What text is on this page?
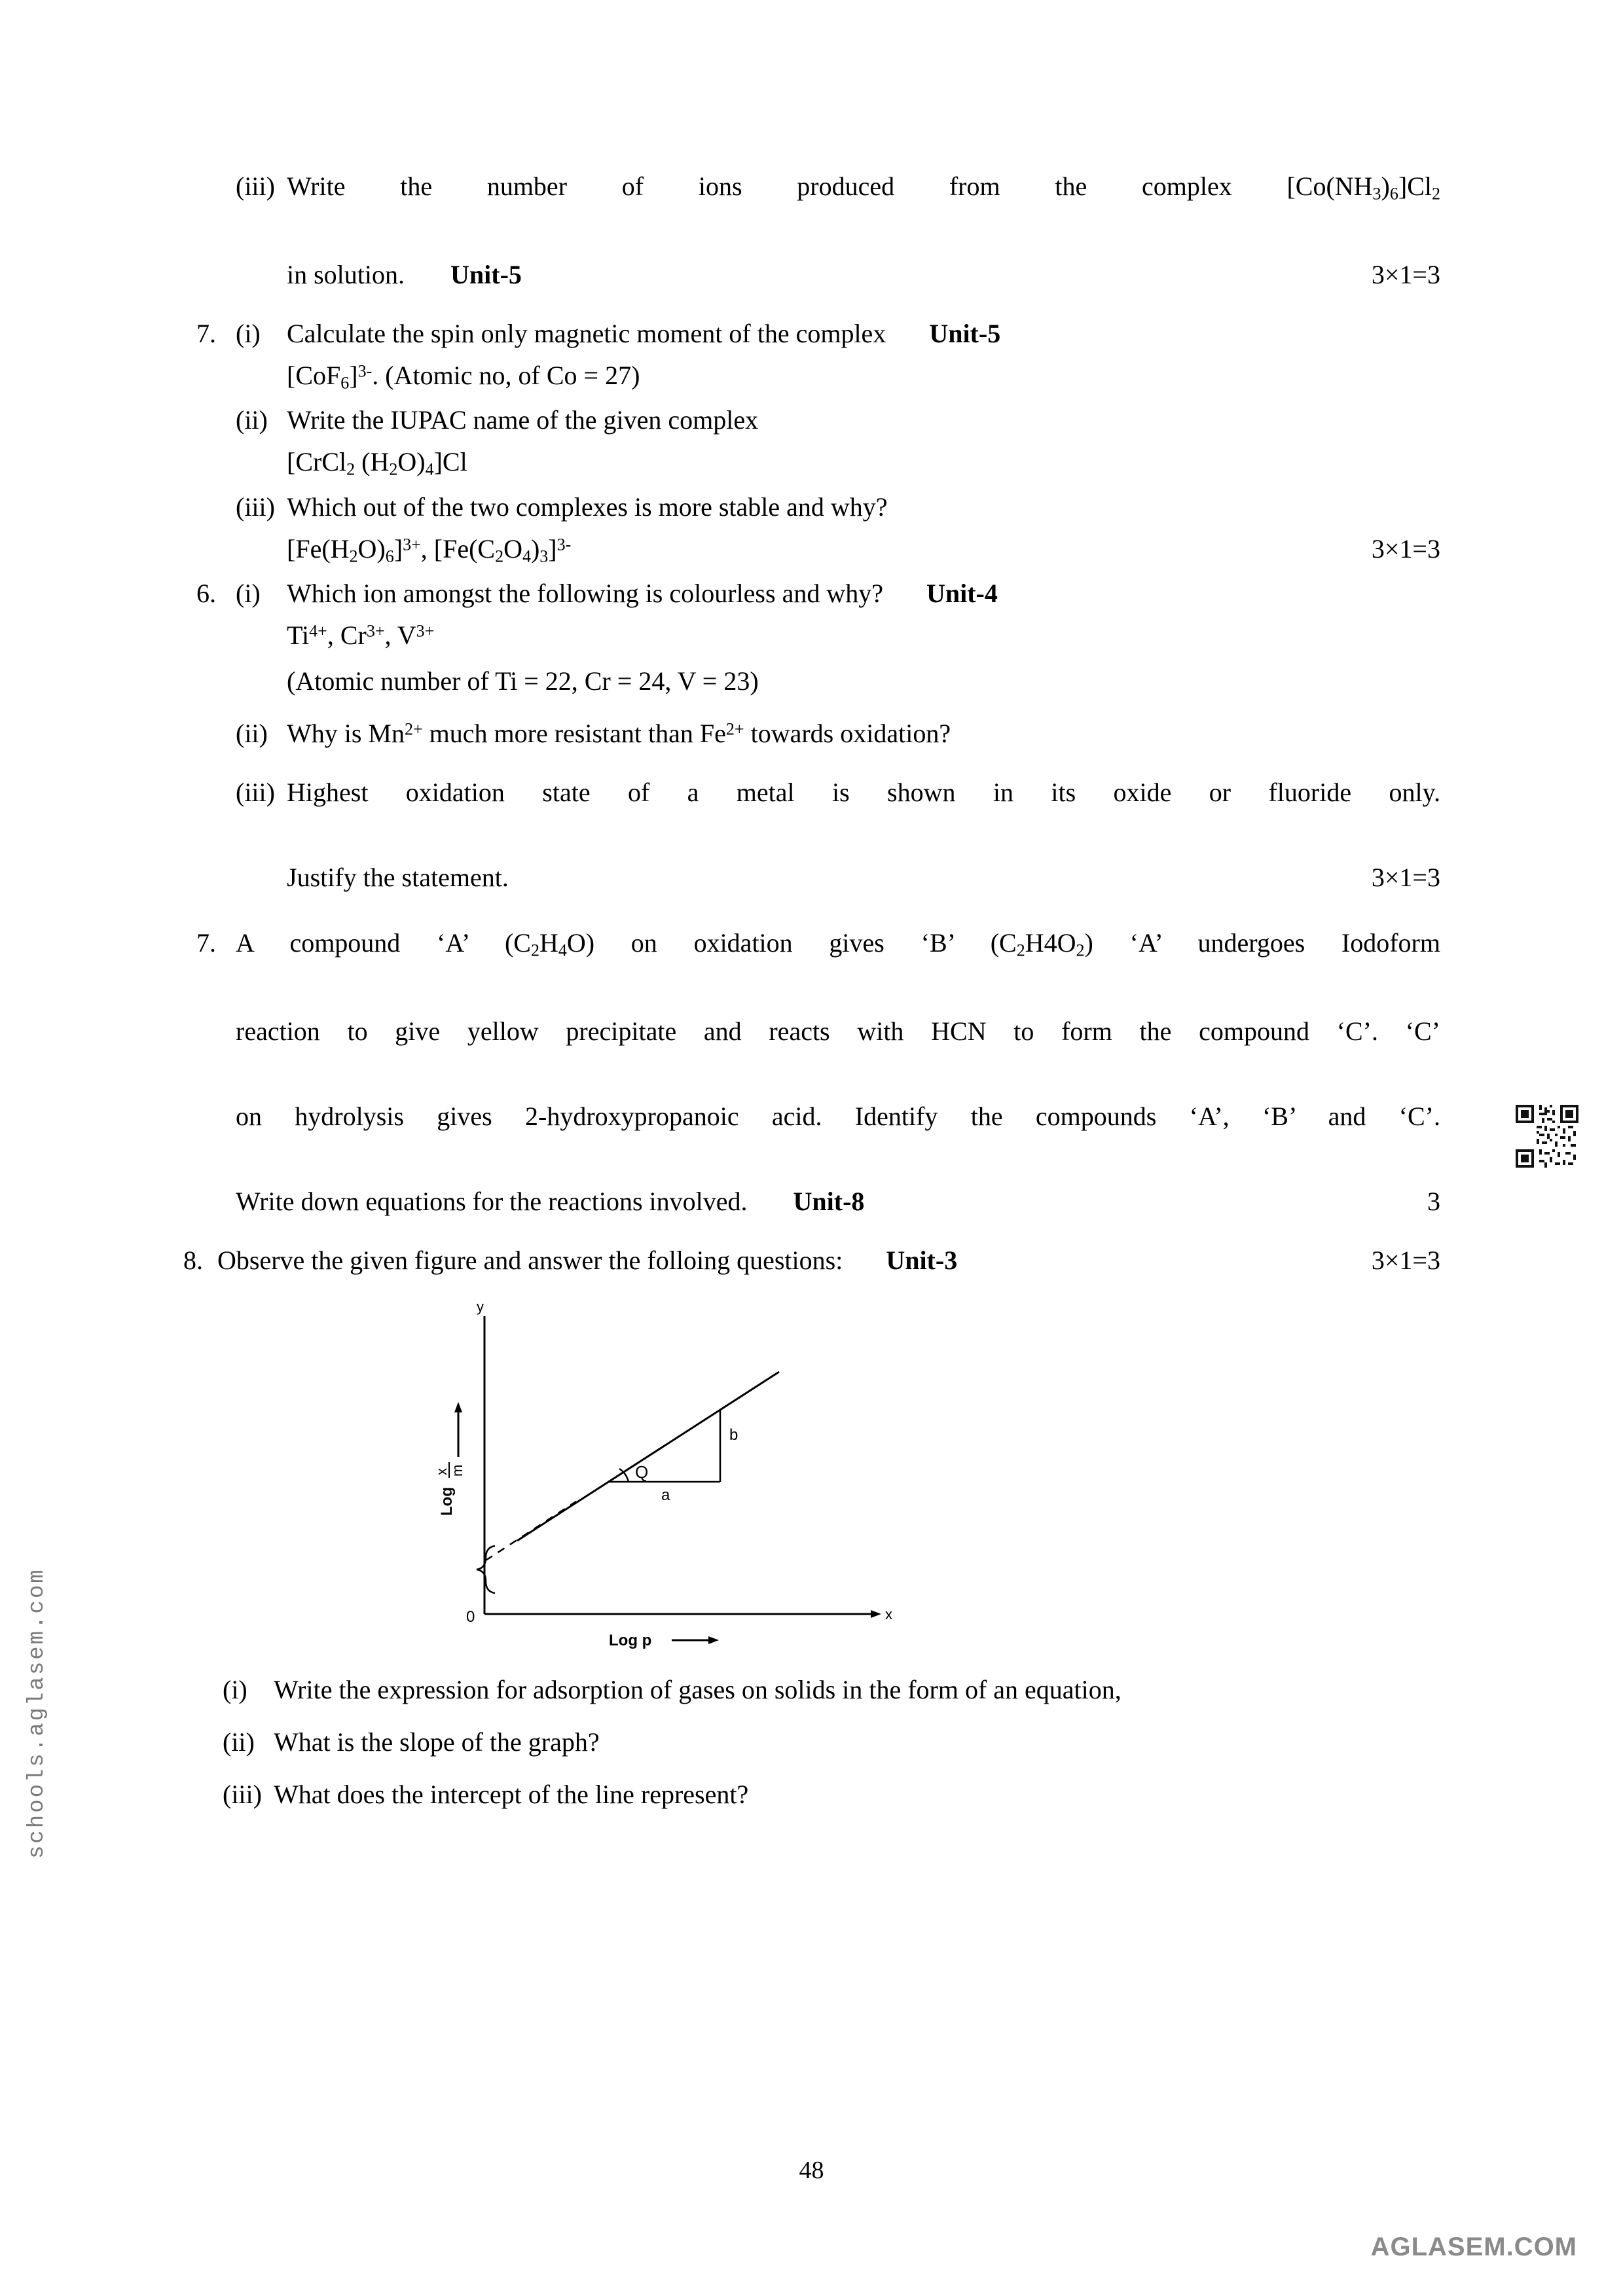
(iii) Write the number of ions produced from the complex $[Co(NH_3)_6]Cl_2$
in solution. Unit-5	3×1=3
7. (i)	Calculate the spin only magnetic moment of the complex Unit-5
$[CoF_6]^{3-}$. (Atomic no, of Co = 27)
(ii) Write the IUPAC name of the given complex
[CrCl$_2$ $(H_2O)_4]Cl$
(iii) Which out of the two complexes is more stable and why?
$[Fe(H_2O)_6]^{3+}$, $[Fe(C_2O_4)_3]^{3-}$	3×1=3
6. (i)	Which ion amongst the following is colourless and why? Unit-4
$Ti^{4+}$, $Cr^{3+}$, $V^{3+}$
(Atomic number of Ti = 22, Cr = 24, V = 23)
(ii) Why is $Mn^{2+}$ much more resistant than $Fe^{2+}$ towards oxidation?
(iii) Highest oxidation state of a metal is shown in its oxide or fluoride only.
Justify the statement.	3×1=3
7. A compound ‘A’ $(C_2H_4O)$ on oxidation gives ‘B’ $(C_2H4O_2)$ ‘A’ undergoes Iodoform
reaction to give yellow precipitate and reacts with HCN to form the compound ‘C’. ‘C’
on hydrolysis gives 2-hydroxypropanoic acid. Identify the compounds ‘A’, ‘B’ and ‘C’.
Write down equations for the reactions involved. Unit-8	3
8. Observe the given figure and answer the folloing questions: Unit-3	3×1=3
y
x
0
Log
x m
Log p
Q
a
b
(i)	Write the expression for adsorption of gases on solids in the form of an equation,
(ii) What is the slope of the graph?
(iii) What does the intercept of the line represent?
48
schools.aglasem.com
AGLASEM.COM
